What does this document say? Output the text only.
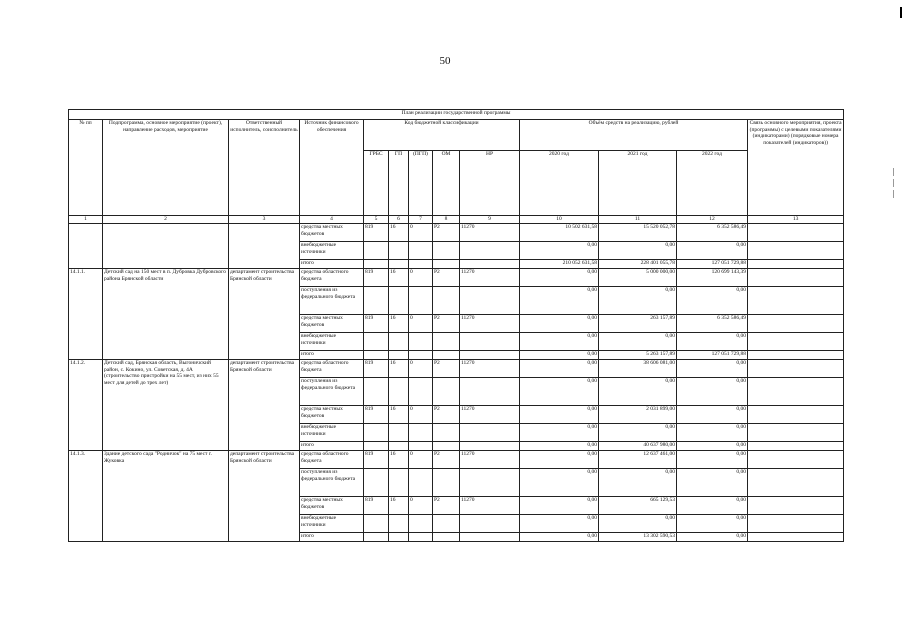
50
План реализации государственной программы												
№ пп	Подпрограмма, основное мероприятие (проект), направление расходов, мероприятие	Ответственный исполнитель, соисполнитель	Источник финансового обеспечения	Код бюджетной классификации					Объём средств на реализацию, рублей			Связь основного мероприятия, проекта (программы) с целевыми показателями (индикаторами) (порядковые номера показателей (индикаторов))
				ГРБС	ГП	(ПГП)	ОМ	НР	2020 год	2021 год	2022 год	
1	2	3	4	5	6	7	8	9	10	11	12	13
			средства местных бюджетов	819	16	0	P2	11270	10 502 631,58	15 520 052,78	6 352 586,49	
			внебюджетные источники						0,00	0,00	0,00	
			итого						210 052 631,58	228 401 055,78	127 051 729,88	
14.1.1.	Детский сад на 150 мест в п. Дубровка Дубровского района Брянской области	департамент строительства Брянской области	средства областного бюджета	819	16	0	P2	11270	0,00	5 000 000,00	120 699 143,39	
			поступления из федерального бюджета						0,00	0,00	0,00	
			средства местных бюджетов	819	16	0	P2	11270	0,00	263 157,89	6 352 586,49	
			внебюджетные источники						0,00	0,00	0,00	
			итого						0,00	5 263 157,89	127 051 729,88	
14.1.2.	Детский сад, Брянская область, Выгоничский район, с. Кокино, ул. Советская, д. 4А (строительство пристройки на 55 мест, из них 55 мест для детей до трех лет)	департамент строительства Брянской области	средства областного бюджета	819	16	0	P2	11270	0,00	38 606 081,00	0,00	
			поступления из федерального бюджета						0,00	0,00	0,00	
			средства местных бюджетов	819	16	0	P2	11270	0,00	2 031 899,00	0,00	
			внебюджетные источники						0,00	0,00	0,00	
			итого						0,00	40 637 980,00	0,00	
14.1.3.	Здание детского сада "Родничок" на 75 мест г. Жуковка	департамент строительства Брянской области	средства областного бюджета	819	16	0	P2	11270	0,00	12 637 461,00	0,00	
			поступления из федерального бюджета						0,00	0,00	0,00	
			средства местных бюджетов	819	16	0	P2	11270	0,00	665 129,53	0,00	
			внебюджетные источники						0,00	0,00	0,00	
			итого						0,00	13 302 590,53	0,00	
